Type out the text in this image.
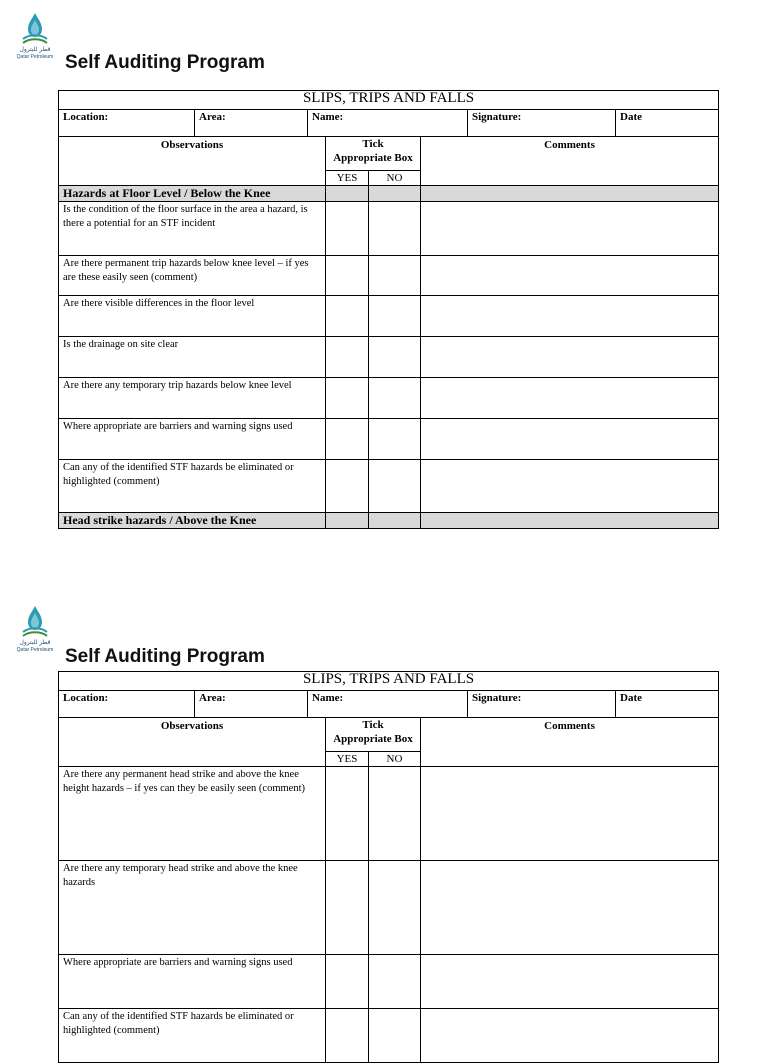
قطر للبترول
Qatar Petroleum Self Auditing Program
SLIPS, TRIPS AND FALLS							
Location:	Area:	Name:				Signature:	Date
Observations			Tick
Appropriate Box		Comments		
			YES	NO			
Hazards at Floor Level / Below the Knee							
Is the condition of the floor surface in the area a hazard, is there a potential for an STF incident							
Are there permanent trip hazards below knee level – if yes are these easily seen (comment)							
Are there visible differences in the floor level							
Is the drainage on site clear							
Are there any temporary trip hazards below knee level							
Where appropriate are barriers and warning signs used							
Can any of the identified STF hazards be eliminated or highlighted (comment)							
Head strike hazards / Above the Knee							
قطر للبترول
Qatar Petroleum Self Auditing Program
SLIPS, TRIPS AND FALLS							
Location:	Area:	Name:				Signature:	Date
Observations			Tick
Appropriate Box		Comments		
			YES	NO			
Are there any permanent head strike and above the knee height hazards – if yes can they be easily seen (comment)							
Are there any temporary head strike and above the knee hazards							
Where appropriate are barriers and warning signs used							
Can any of the identified STF hazards be eliminated or highlighted (comment)							
